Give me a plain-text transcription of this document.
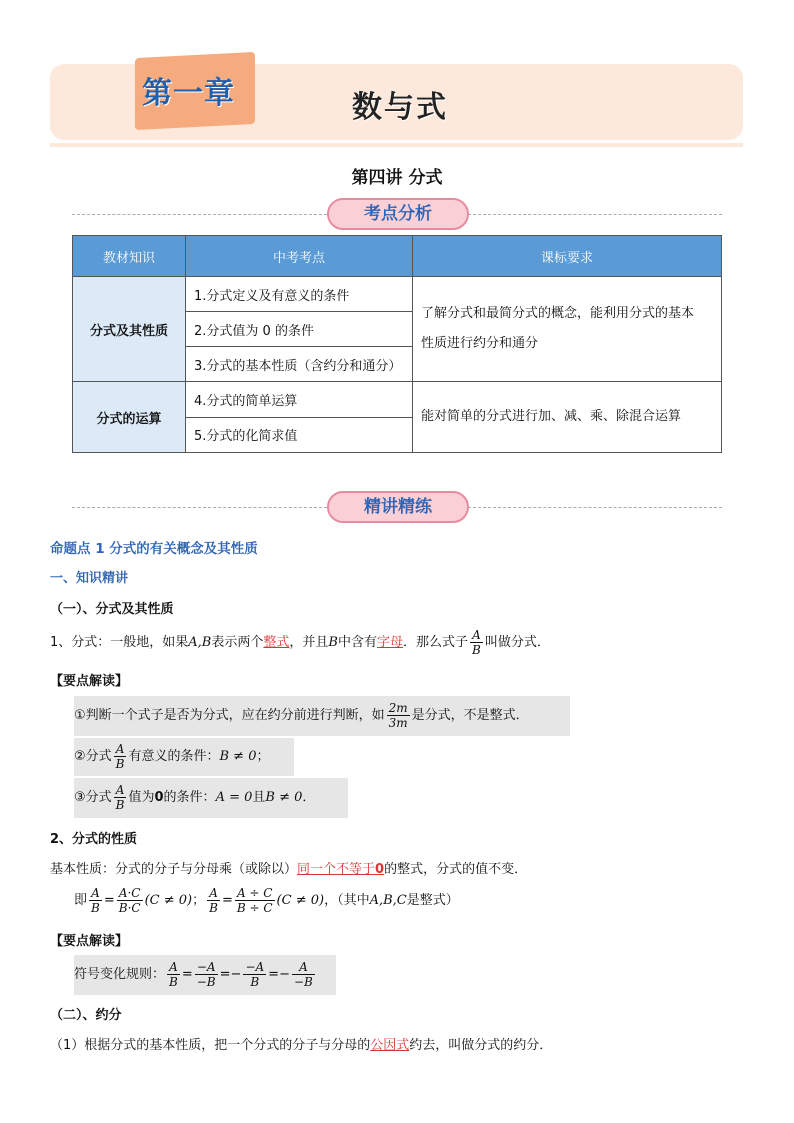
第一章	数与式
第四讲 分式
考点分析
教材知识	中考考点	课标要求
分式及其性质	1.分式定义及有意义的条件	了解分式和最简分式的概念，能利用分式的基本
性质进行约分和通分

	2.分式值为 0 的条件	
	3.分式的基本性质（含约分和通分）	
分式的运算	4.分式的简单运算	能对简单的分式进行加、减、乘、除混合运算

	5.分式的化简求值	
精讲精练
命题点 1 分式的有关概念及其性质
一、知识精讲
（一）、分式及其性质
1、分式：一般地，如果A,B表示两个整式，并且B中含有字母．那么式子 $\frac{A}{B}$ 叫做分式．
【要点解读】
①判断一个式子是否为分式，应在约分前进行判断，如 $\frac{2m}{3m}$ 是分式，不是整式．
②分式 $\frac{A}{B}$ 有意义的条件：B ≠ 0；
③分式 $\frac{A}{B}$ 值为0的条件：A = 0且B ≠ 0．
2、分式的性质
基本性质：分式的分子与分母乘（或除以）同一个不等于0的整式，分式的值不变．
即 $\frac{A}{B} = \frac{A\cdot C}{B\cdot C} (C \ne 0)$； $\frac{A}{B} = \frac{A \div C}{B \div C} (C \ne 0)$，（其中A,B,C是整式）
【要点解读】
符号变化规则： $\frac{A}{B} = \frac{-A}{-B} =- \frac{-A}{B} =- \frac{A}{-B}$
（二）、约分
（1）根据分式的基本性质，把一个分式的分子与分母的公因式约去，叫做分式的约分．
